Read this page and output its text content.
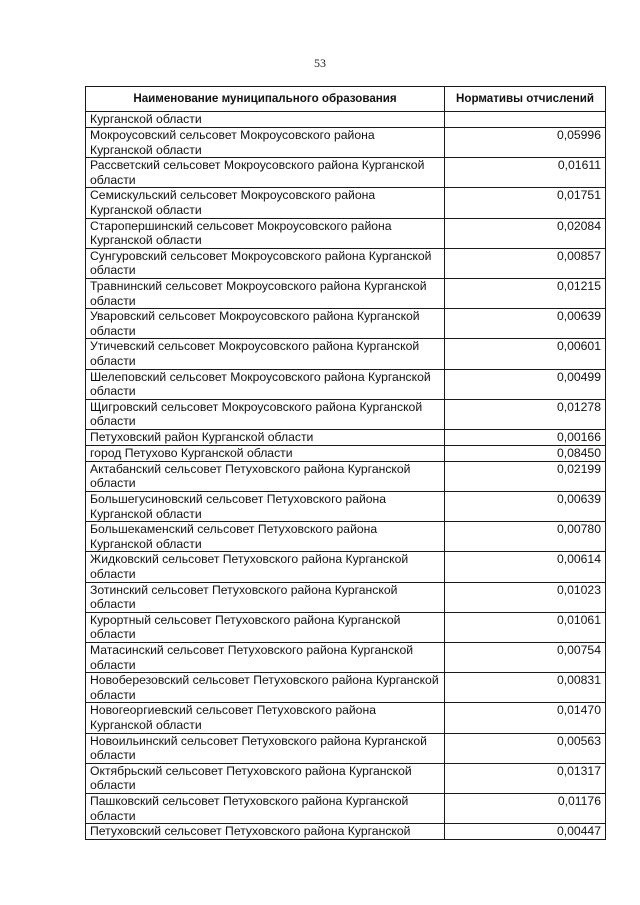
53
Наименование муниципального образования	Нормативы отчислений
Курганской области	
Мокроусовский сельсовет Мокроусовского района Курганской области	0,05996
Рассветский сельсовет Мокроусовского района Курганской области	0,01611
Семискульский сельсовет Мокроусовского района Курганской области	0,01751
Старопершинский сельсовет Мокроусовского района Курганской области	0,02084
Сунгуровский сельсовет Мокроусовского района Курганской области	0,00857
Травнинский сельсовет Мокроусовского района Курганской области	0,01215
Уваровский сельсовет Мокроусовского района Курганской области	0,00639
Утичевский сельсовет Мокроусовского района Курганской области	0,00601
Шелеповский сельсовет Мокроусовского района Курганской области	0,00499
Щигровский сельсовет Мокроусовского района Курганской области	0,01278
Петуховский район Курганской области	0,00166
город Петухово Курганской области	0,08450
Актабанский сельсовет Петуховского района Курганской области	0,02199
Большегусиновский сельсовет Петуховского района Курганской области	0,00639
Большекаменский сельсовет Петуховского района Курганской области	0,00780
Жидковский сельсовет Петуховского района Курганской области	0,00614
Зотинский сельсовет Петуховского района Курганской области	0,01023
Курортный сельсовет Петуховского района Курганской области	0,01061
Матасинский сельсовет Петуховского района Курганской области	0,00754
Новоберезовский сельсовет Петуховского района Курганской области	0,00831
Новогеоргиевский сельсовет Петуховского района Курганской области	0,01470
Новоильинский сельсовет Петуховского района Курганской области	0,00563
Октябрьский сельсовет Петуховского района Курганской области	0,01317
Пашковский сельсовет Петуховского района Курганской области	0,01176
Петуховский сельсовет Петуховского района Курганской	0,00447
